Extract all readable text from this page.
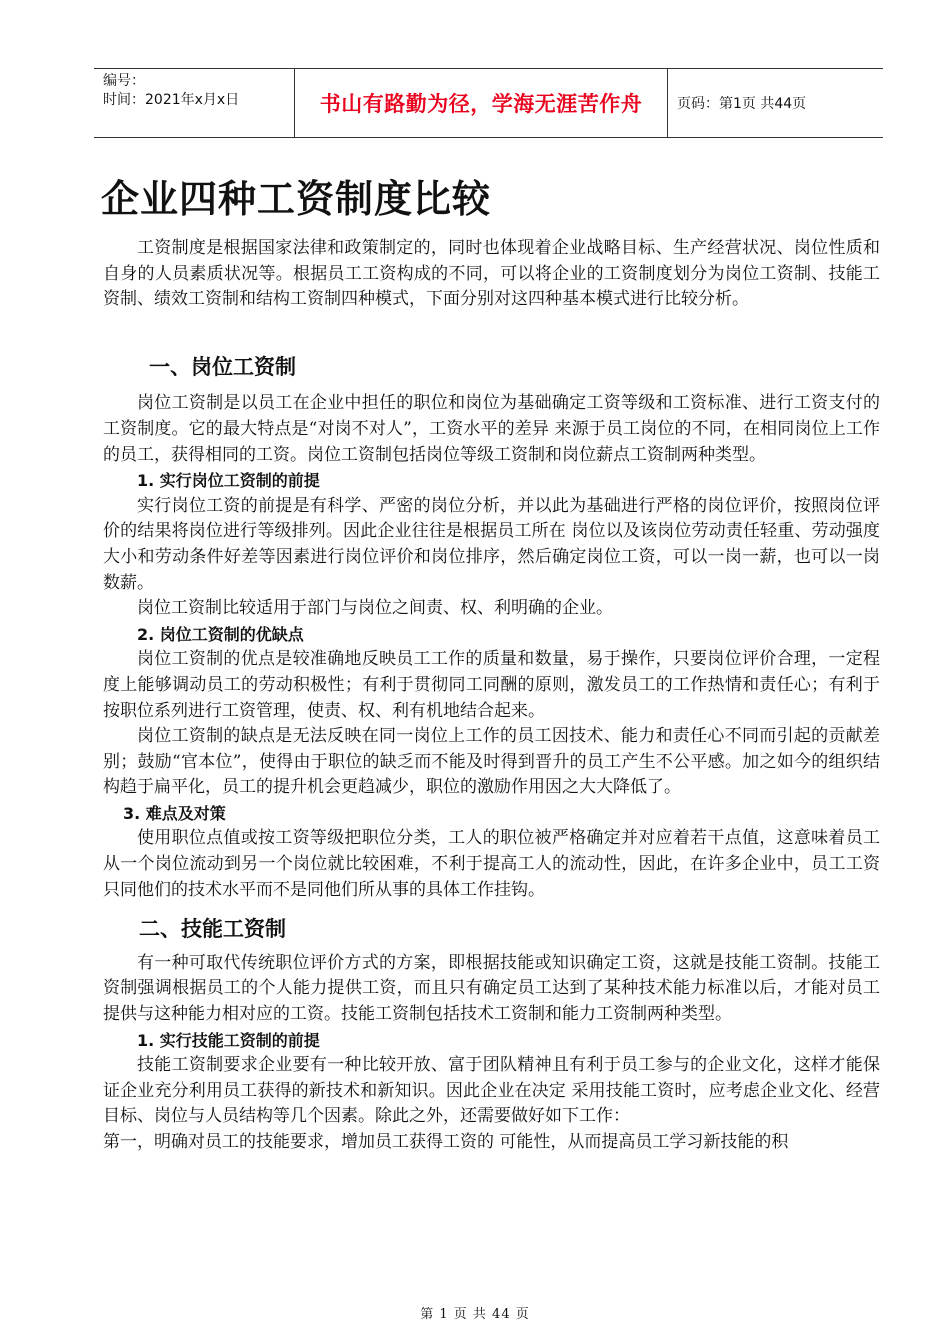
编号：
时间：2021年x月x日	书山有路勤为径，学海无涯苦作舟	页码：第1页 共44页
企业四种工资制度比较

工资制度是根据国家法律和政策制定的，同时也体现着企业战略目标、生产经营状况、岗位性质和自身的人员素质状况等。根据员工工资构成的不同，可以将企业的工资制度划分为岗位工资制、技能工资制、绩效工资制和结构工资制四种模式，下面分别对这四种基本模式进行比较分析。

一、岗位工资制

岗位工资制是以员工在企业中担任的职位和岗位为基础确定工资等级和工资标准、进行工资支付的工资制度。它的最大特点是“对岗不对人”，工资水平的差异 来源于员工岗位的不同，在相同岗位上工作的员工，获得相同的工资。岗位工资制包括岗位等级工资制和岗位薪点工资制两种类型。

1. 实行岗位工资制的前提

实行岗位工资的前提是有科学、严密的岗位分析，并以此为基础进行严格的岗位评价，按照岗位评价的结果将岗位进行等级排列。因此企业往往是根据员工所在 岗位以及该岗位劳动责任轻重、劳动强度大小和劳动条件好差等因素进行岗位评价和岗位排序，然后确定岗位工资，可以一岗一薪，也可以一岗数薪。

岗位工资制比较适用于部门与岗位之间责、权、利明确的企业。

2. 岗位工资制的优缺点

岗位工资制的优点是较准确地反映员工工作的质量和数量，易于操作，只要岗位评价合理，一定程度上能够调动员工的劳动积极性；有利于贯彻同工同酬的原则，激发员工的工作热情和责任心；有利于按职位系列进行工资管理，使责、权、利有机地结合起来。

岗位工资制的缺点是无法反映在同一岗位上工作的员工因技术、能力和责任心不同而引起的贡献差别；鼓励“官本位”，使得由于职位的缺乏而不能及时得到晋升的员工产生不公平感。加之如今的组织结构趋于扁平化，员工的提升机会更趋减少，职位的激励作用因之大大降低了。

3. 难点及对策

使用职位点值或按工资等级把职位分类，工人的职位被严格确定并对应着若干点值，这意味着员工从一个岗位流动到另一个岗位就比较困难，不利于提高工人的流动性，因此，在许多企业中，员工工资只同他们的技术水平而不是同他们所从事的具体工作挂钩。

二、技能工资制

有一种可取代传统职位评价方式的方案，即根据技能或知识确定工资，这就是技能工资制。技能工资制强调根据员工的个人能力提供工资，而且只有确定员工达到了某种技术能力标准以后，才能对员工提供与这种能力相对应的工资。技能工资制包括技术工资制和能力工资制两种类型。

1. 实行技能工资制的前提

技能工资制要求企业要有一种比较开放、富于团队精神且有利于员工参与的企业文化，这样才能保证企业充分利用员工获得的新技术和新知识。因此企业在决定 采用技能工资时，应考虑企业文化、经营目标、岗位与人员结构等几个因素。除此之外，还需要做好如下工作：

第一，明确对员工的技能要求，增加员工获得工资的 可能性，从而提高员工学习新技能的积

第 1 页 共 44 页
